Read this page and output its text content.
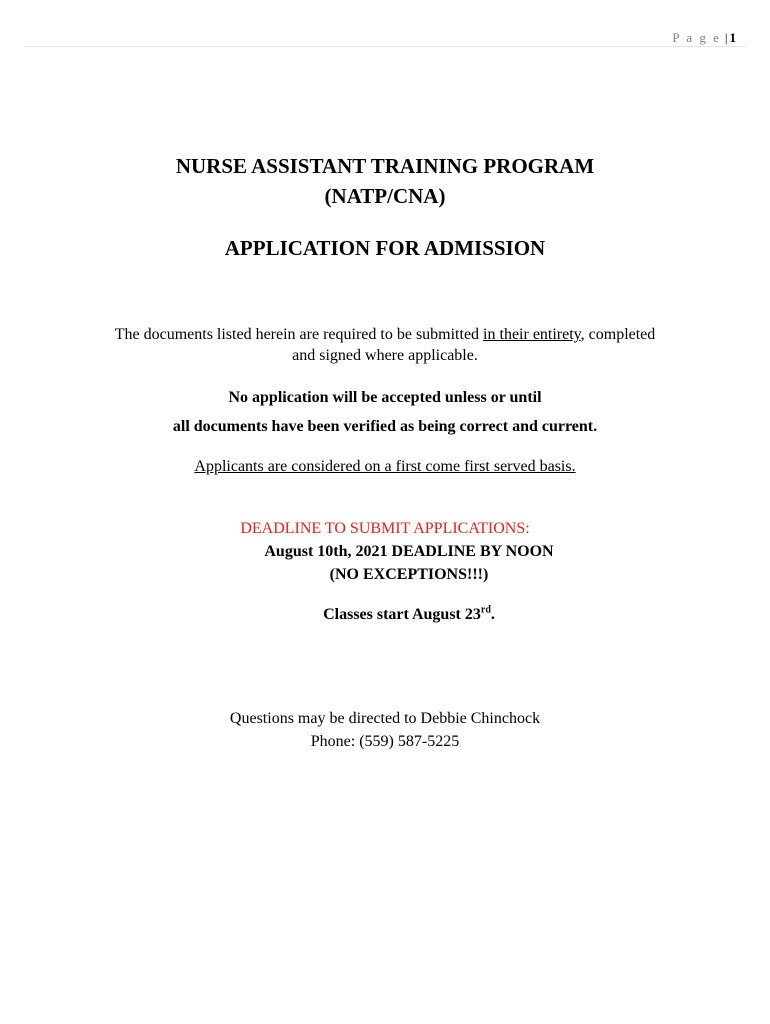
P a g e |1
NURSE ASSISTANT TRAINING PROGRAM
(NATP/CNA)
APPLICATION FOR ADMISSION
The documents listed herein are required to be submitted in their entirety, completed
and signed where applicable.
No application will be accepted unless or until
all documents have been verified as being correct and current.
Applicants are considered on a first come first served basis.
DEADLINE TO SUBMIT APPLICATIONS:
August 10th, 2021 DEADLINE BY NOON
(NO EXCEPTIONS!!!)
Classes start August 23rd.
Questions may be directed to Debbie Chinchock
Phone: (559) 587-5225
